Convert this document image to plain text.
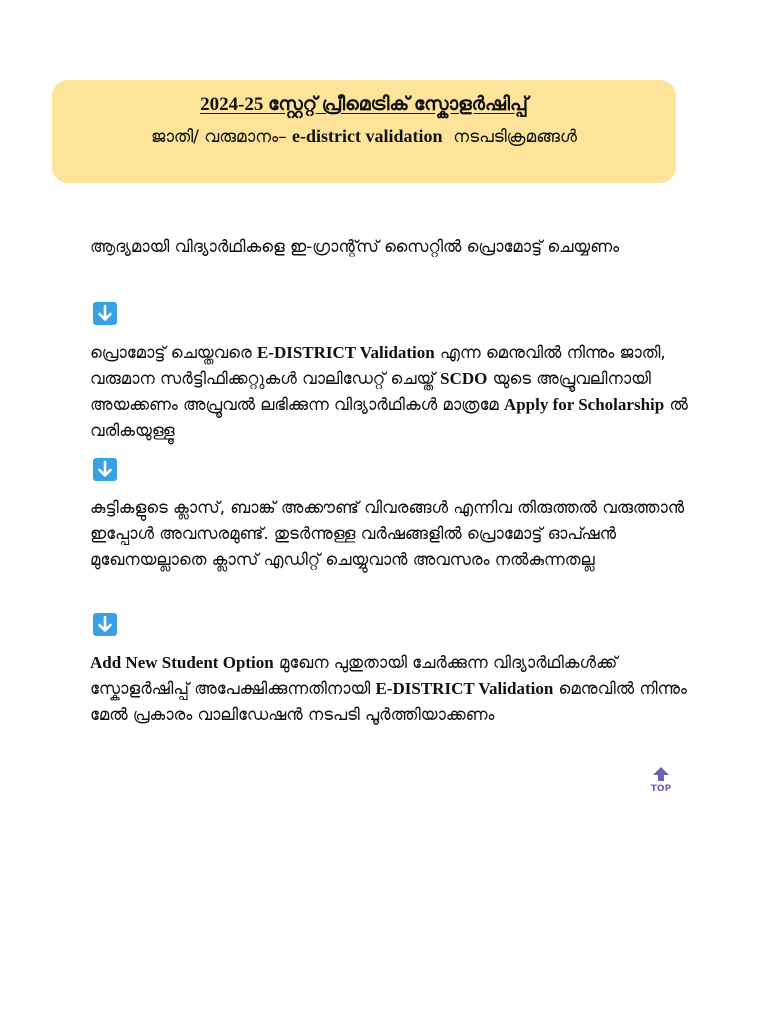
2024-25 സ്റ്റേറ്റ് പ്രീമെട്രിക് സ്കോളർഷിപ്പ്

ജാതി/ വരുമാനം– e-district validation  നടപടിക്രമങ്ങൾ

ആദ്യമായി വിദ്യാർഥികളെ ഇ-ഗ്രാന്റ്സ് സൈറ്റിൽ പ്രൊമോട്ട് ചെയ്യണം

പ്രൊമോട്ട് ചെയ്തവരെ E-DISTRICT Validation എന്ന മെനുവിൽ നിന്നും ജാതി, വരുമാന സർട്ടിഫിക്കറ്റുകൾ വാലിഡേറ്റ് ചെയ്ത് SCDO യുടെ അപ്രൂവലിനായി അയക്കണം അപ്രൂവൽ ലഭിക്കുന്ന വിദ്യാർഥികൾ മാത്രമേ Apply for Scholarship ൽ വരികയുള്ളൂ

കുട്ടികളുടെ ക്ലാസ്, ബാങ്ക് അക്കൗണ്ട് വിവരങ്ങൾ എന്നിവ തിരുത്തൽ വരുത്താൻ ഇപ്പോൾ അവസരമുണ്ട്. തുടർന്നുള്ള വർഷങ്ങളിൽ പ്രൊമോട്ട് ഓപ്ഷൻ മുഖേനയല്ലാതെ ക്ലാസ് എഡിറ്റ് ചെയ്യുവാൻ അവസരം നൽകുന്നതല്ല

Add New Student Option മുഖേന പുതുതായി ചേർക്കുന്ന വിദ്യാർഥികൾക്ക് സ്കോളർഷിപ്പ് അപേക്ഷിക്കുന്നതിനായി E-DISTRICT Validation മെനുവിൽ നിന്നും മേൽ പ്രകാരം വാലിഡേഷൻ നടപടി പൂർത്തിയാക്കണം

TOP
